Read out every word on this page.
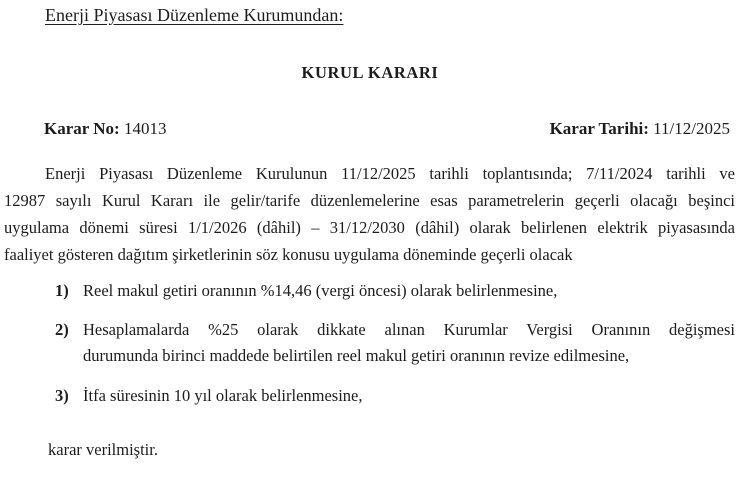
Enerji Piyasası Düzenleme Kurumundan:
KURUL KARARI
Karar No: 14013	Karar Tarihi: 11/12/2025
Enerji Piyasası Düzenleme Kurulunun 11/12/2025 tarihli toplantısında; 7/11/2024 tarihli ve
12987 sayılı Kurul Kararı ile gelir/tarife düzenlemelerine esas parametrelerin geçerli olacağı beşinci
uygulama dönemi süresi 1/1/2026 (dâhil) – 31/12/2030 (dâhil) olarak belirlenen elektrik piyasasında
faaliyet gösteren dağıtım şirketlerinin söz konusu uygulama döneminde geçerli olacak
1) Reel makul getiri oranının %14,46 (vergi öncesi) olarak belirlenmesine,
2) Hesaplamalarda %25 olarak dikkate alınan Kurumlar Vergisi Oranının değişmesi
durumunda birinci maddede belirtilen reel makul getiri oranının revize edilmesine,
3) İtfa süresinin 10 yıl olarak belirlenmesine,
karar verilmiştir.
